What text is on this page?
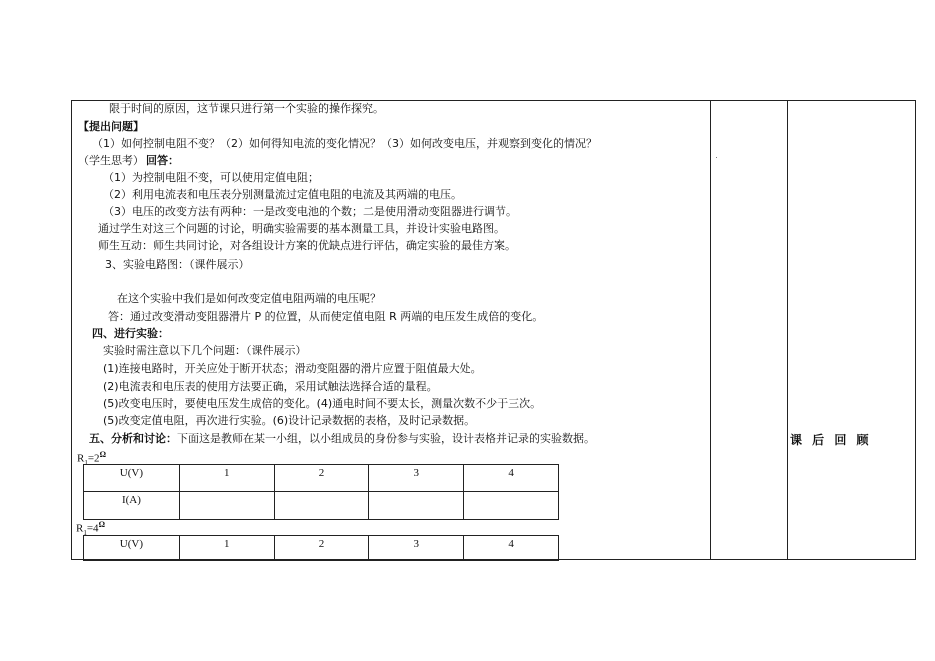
限于时间的原因，这节课只进行第一个实验的操作探究。
【提出问题】
（1）如何控制电阻不变？（2）如何得知电流的变化情况？（3）如何改变电压，并观察到变化的情况？
（学生思考） 回答：
（1）为控制电阻不变，可以使用定值电阻；
（2）利用电流表和电压表分别测量流过定值电阻的电流及其两端的电压。
（3）电压的改变方法有两种：一是改变电池的个数；二是使用滑动变阻器进行调节。
通过学生对这三个问题的讨论，明确实验需要的基本测量工具，并设计实验电路图。
师生互动：师生共同讨论，对各组设计方案的优缺点进行评估，确定实验的最佳方案。
3、实验电路图：（课件展示）
在这个实验中我们是如何改变定值电阻两端的电压呢？
答：通过改变滑动变阻器滑片 P 的位置，从而使定值电阻 R 两端的电压发生成倍的变化。
四、进行实验：
实验时需注意以下几个问题：（课件展示）
(1)连接电路时，开关应处于断开状态；滑动变阻器的滑片应置于阻值最大处。
(2)电流表和电压表的使用方法要正确，采用试触法选择合适的量程。
(5)改变电压时，要使电压发生成倍的变化。(4)通电时间不要太长，测量次数不少于三次。
(5)改变定值电阻，再次进行实验。(6)设计记录数据的表格，及时记录数据。
五、分析和讨论： 下面这是教师在某一小组，以小组成员的身份参与实验，设计表格并记录的实验数据。	课 后 回 顾
$R_1=2^\Omega$
U(V)	1	2	3	4
I(A)				
$R_1=4^\Omega$
U(V)	1	2	3	4
